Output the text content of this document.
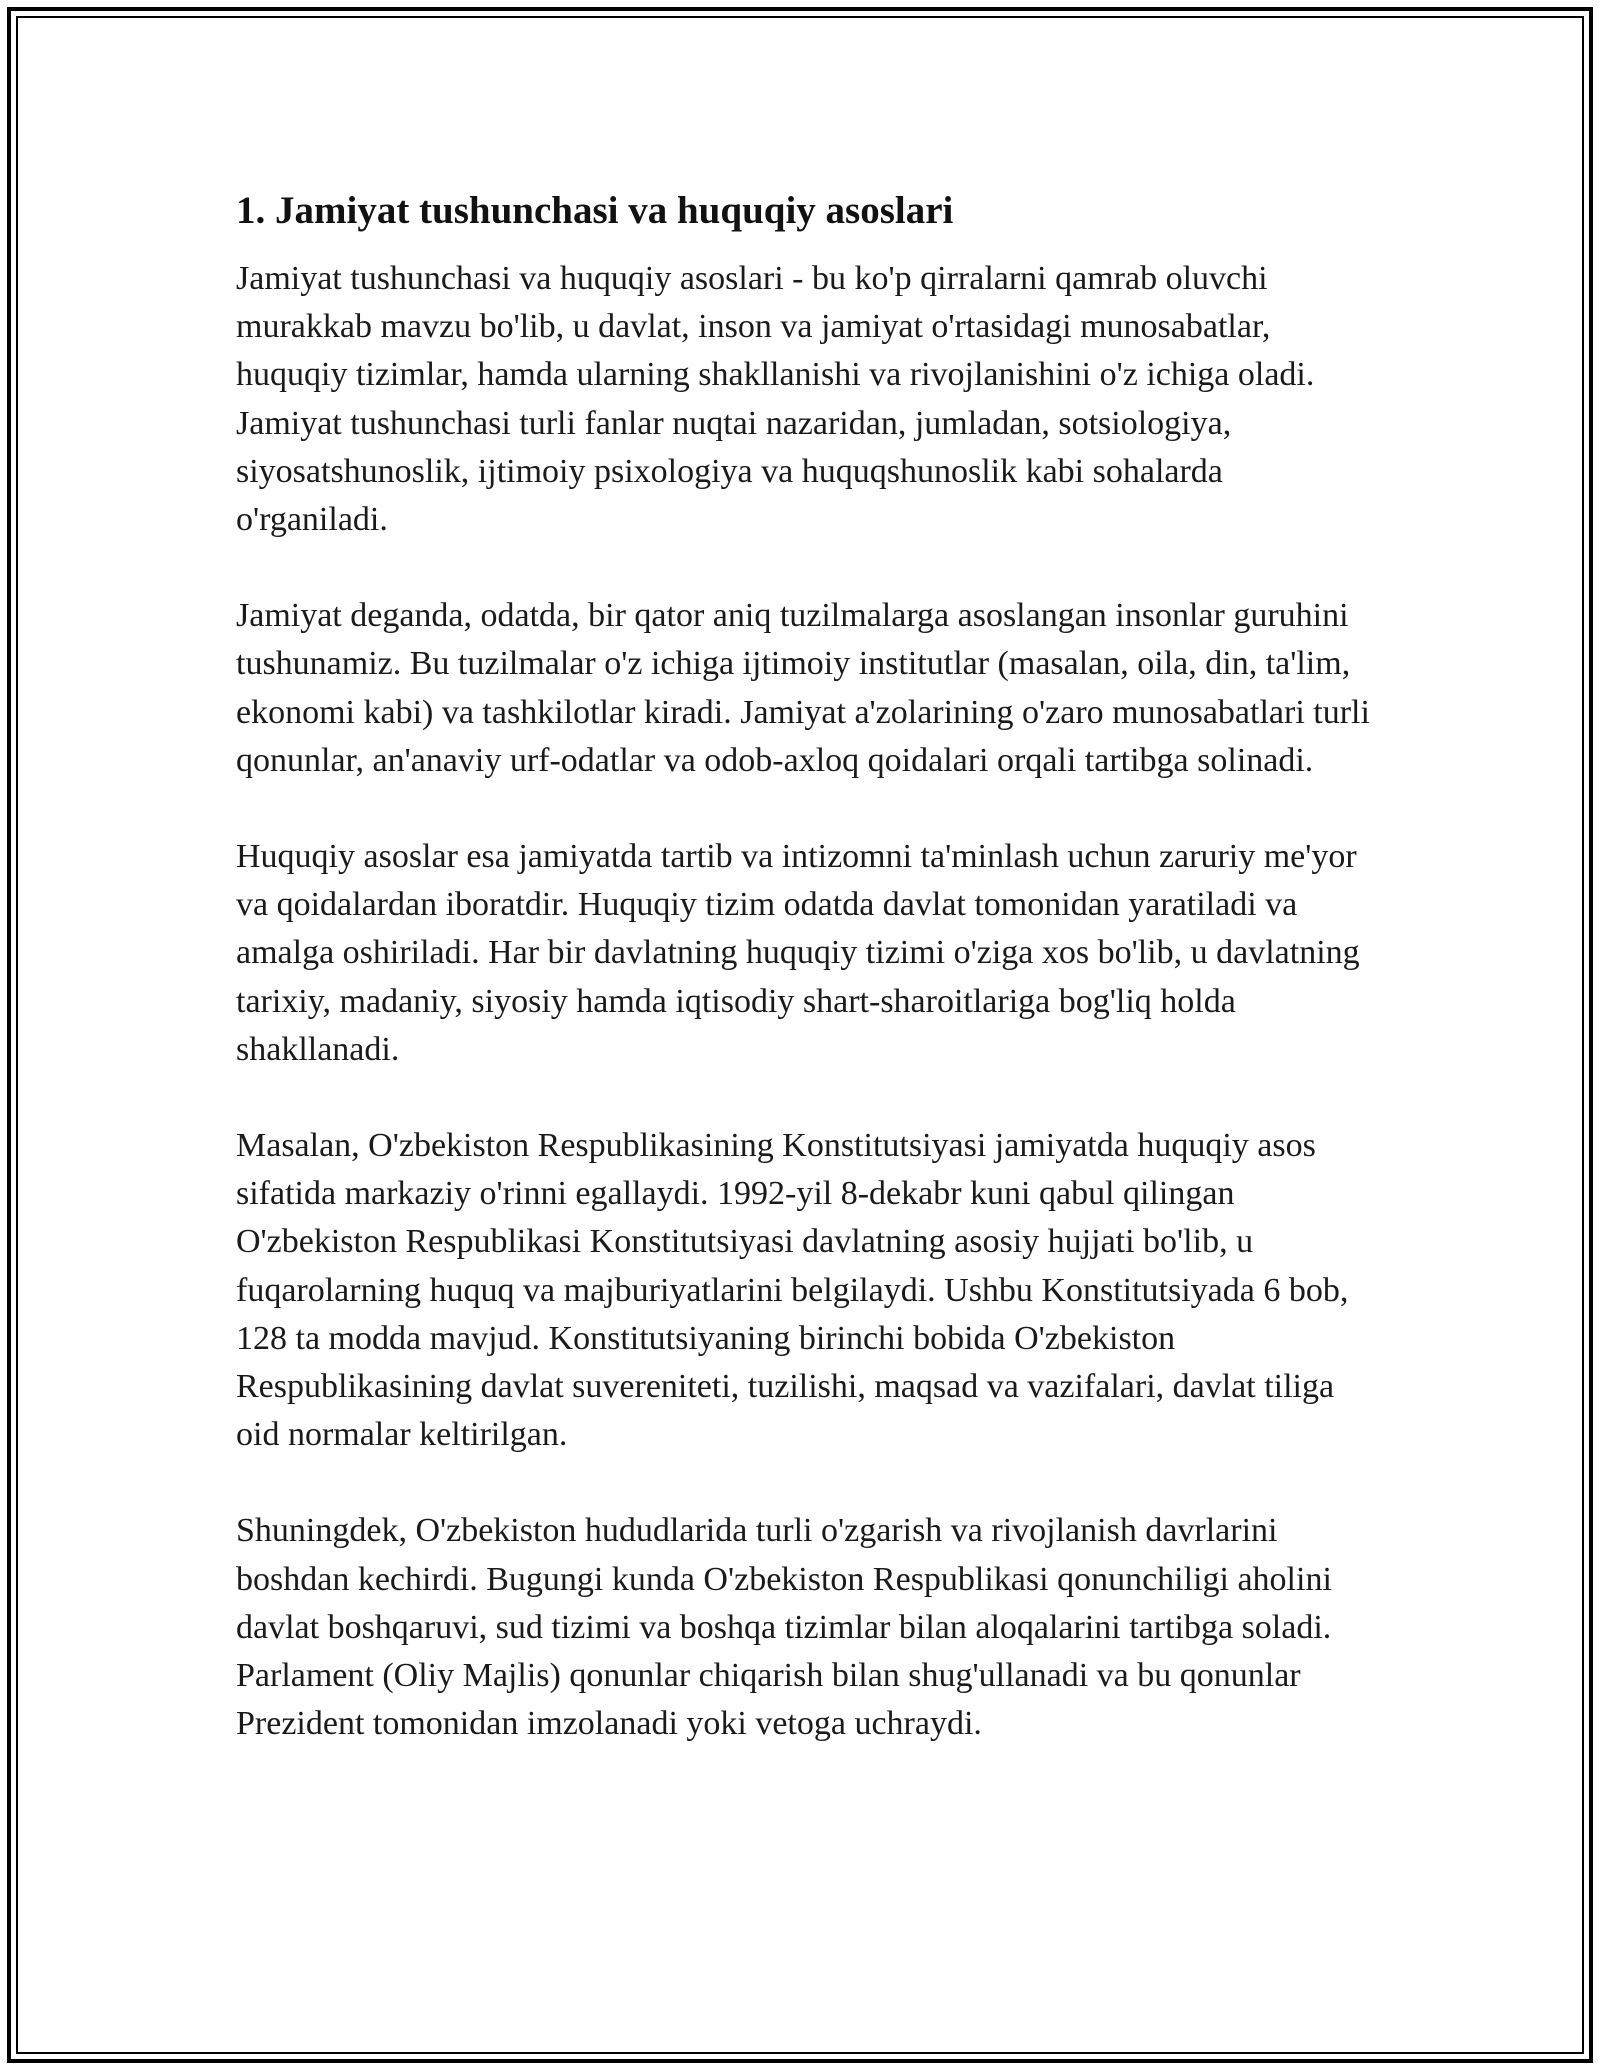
1. Jamiyat tushunchasi va huquqiy asoslari

Jamiyat tushunchasi va huquqiy asoslari - bu ko'p qirralarni qamrab oluvchi murakkab mavzu bo'lib, u davlat, inson va jamiyat o'rtasidagi munosabatlar, huquqiy tizimlar, hamda ularning shakllanishi va rivojlanishini o'z ichiga oladi. Jamiyat tushunchasi turli fanlar nuqtai nazaridan, jumladan, sotsiologiya, siyosatshunoslik, ijtimoiy psixologiya va huquqshunoslik kabi sohalarda o'rganiladi.

Jamiyat deganda, odatda, bir qator aniq tuzilmalarga asoslangan insonlar guruhini tushunamiz. Bu tuzilmalar o'z ichiga ijtimoiy institutlar (masalan, oila, din, ta'lim, ekonomi kabi) va tashkilotlar kiradi. Jamiyat a'zolarining o'zaro munosabatlari turli qonunlar, an'anaviy urf-odatlar va odob-axloq qoidalari orqali tartibga solinadi.

Huquqiy asoslar esa jamiyatda tartib va intizomni ta'minlash uchun zaruriy me'yor va qoidalardan iboratdir. Huquqiy tizim odatda davlat tomonidan yaratiladi va amalga oshiriladi. Har bir davlatning huquqiy tizimi o'ziga xos bo'lib, u davlatning tarixiy, madaniy, siyosiy hamda iqtisodiy shart-sharoitlariga bog'liq holda shakllanadi.

Masalan, O'zbekiston Respublikasining Konstitutsiyasi jamiyatda huquqiy asos sifatida markaziy o'rinni egallaydi. 1992-yil 8-dekabr kuni qabul qilingan O'zbekiston Respublikasi Konstitutsiyasi davlatning asosiy hujjati bo'lib, u fuqarolarning huquq va majburiyatlarini belgilaydi. Ushbu Konstitutsiyada 6 bob, 128 ta modda mavjud. Konstitutsiyaning birinchi bobida O'zbekiston Respublikasining davlat suvereniteti, tuzilishi, maqsad va vazifalari, davlat tiliga oid normalar keltirilgan.

Shuningdek, O'zbekiston hududlarida turli o'zgarish va rivojlanish davrlarini boshdan kechirdi. Bugungi kunda O'zbekiston Respublikasi qonunchiligi aholini davlat boshqaruvi, sud tizimi va boshqa tizimlar bilan aloqalarini tartibga soladi. Parlament (Oliy Majlis) qonunlar chiqarish bilan shug'ullanadi va bu qonunlar Prezident tomonidan imzolanadi yoki vetoga uchraydi.
